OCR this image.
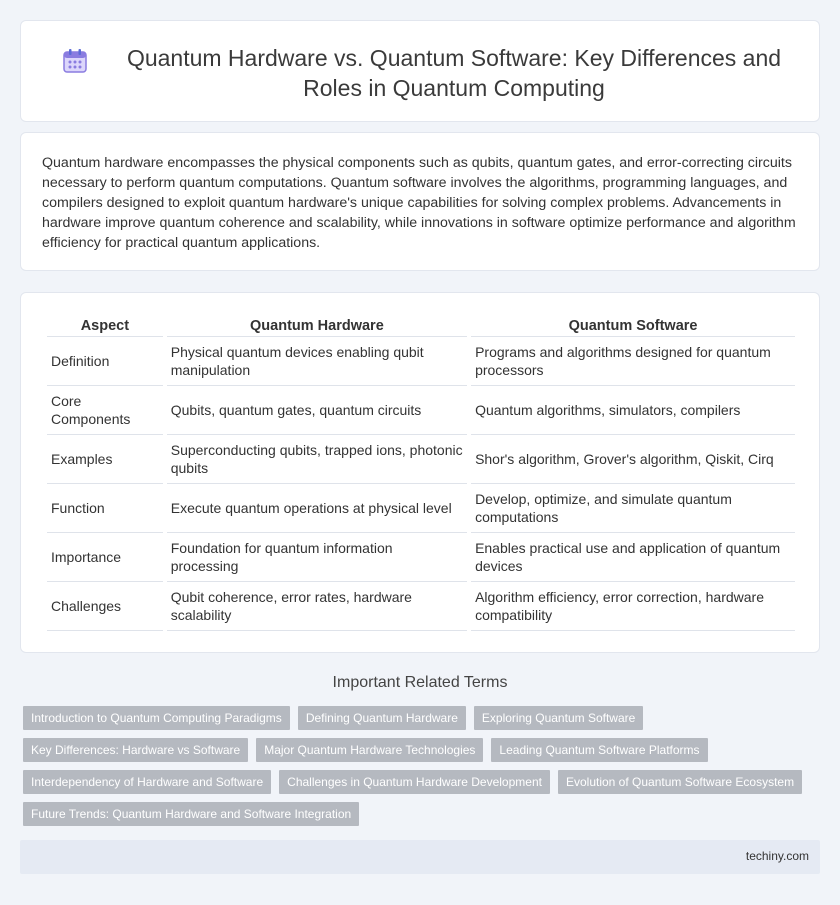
Quantum Hardware vs. Quantum Software: Key Differences and Roles in Quantum Computing

Quantum hardware encompasses the physical components such as qubits, quantum gates, and error-correcting circuits necessary to perform quantum computations. Quantum software involves the algorithms, programming languages, and compilers designed to exploit quantum hardware's unique capabilities for solving complex problems. Advancements in hardware improve quantum coherence and scalability, while innovations in software optimize performance and algorithm efficiency for practical quantum applications.

Aspect	Quantum Hardware	Quantum Software
Definition	Physical quantum devices enabling qubit manipulation	Programs and algorithms designed for quantum processors
Core Components	Qubits, quantum gates, quantum circuits	Quantum algorithms, simulators, compilers
Examples	Superconducting qubits, trapped ions, photonic qubits	Shor's algorithm, Grover's algorithm, Qiskit, Cirq
Function	Execute quantum operations at physical level	Develop, optimize, and simulate quantum computations
Importance	Foundation for quantum information processing	Enables practical use and application of quantum devices
Challenges	Qubit coherence, error rates, hardware scalability	Algorithm efficiency, error correction, hardware compatibility
Important Related Terms
Introduction to Quantum Computing Paradigms	Defining Quantum Hardware	Exploring Quantum Software
Key Differences: Hardware vs Software	Major Quantum Hardware Technologies	Leading Quantum Software Platforms
Interdependency of Hardware and Software	Challenges in Quantum Hardware Development	Evolution of Quantum Software Ecosystem
Future Trends: Quantum Hardware and Software Integration
techiny.com
